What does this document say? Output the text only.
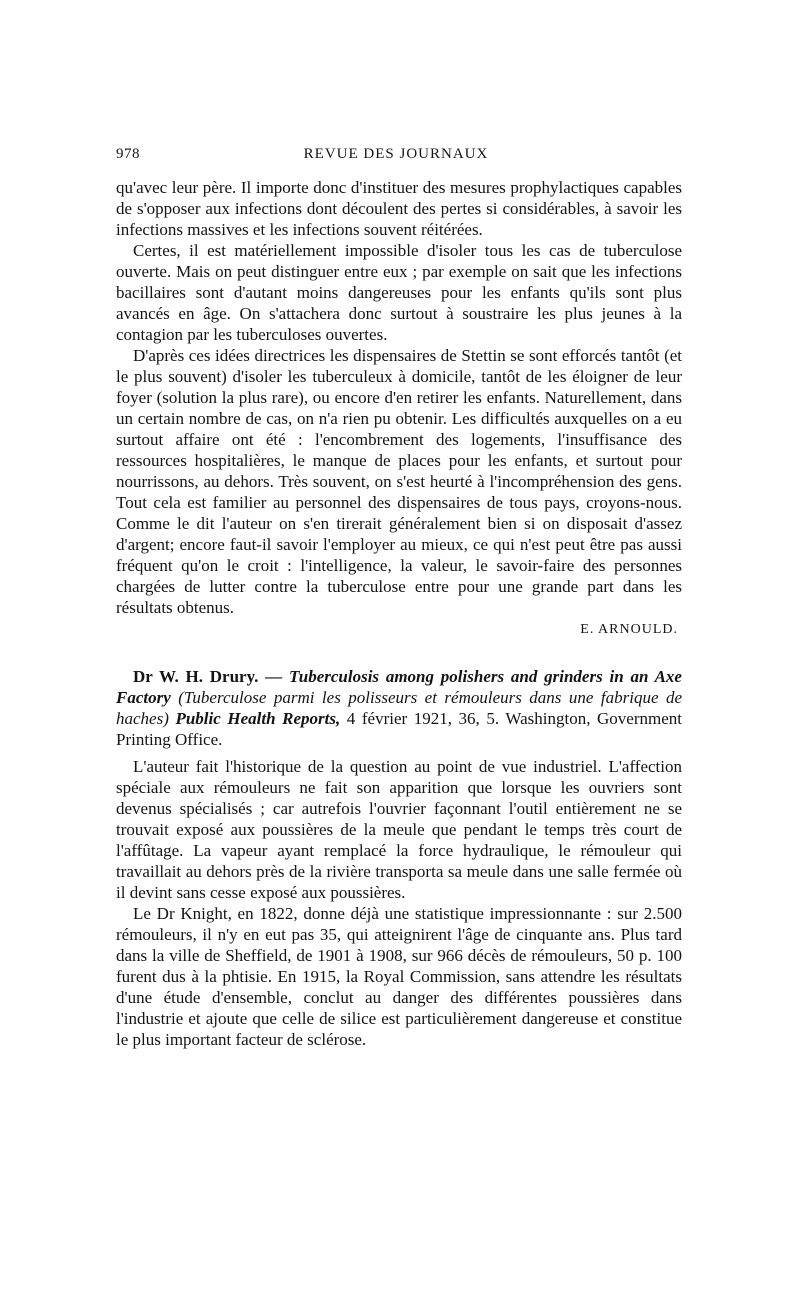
978	REVUE DES JOURNAUX

qu'avec leur père. Il importe donc d'instituer des mesures prophylactiques capables de s'opposer aux infections dont découlent des pertes si considérables, à savoir les infections massives et les infections souvent réitérées.

Certes, il est matériellement impossible d'isoler tous les cas de tuberculose ouverte. Mais on peut distinguer entre eux ; par exemple on sait que les infections bacillaires sont d'autant moins dangereuses pour les enfants qu'ils sont plus avancés en âge. On s'attachera donc surtout à soustraire les plus jeunes à la contagion par les tuberculoses ouvertes.

D'après ces idées directrices les dispensaires de Stettin se sont efforcés tantôt (et le plus souvent) d'isoler les tuberculeux à domicile, tantôt de les éloigner de leur foyer (solution la plus rare), ou encore d'en retirer les enfants. Naturellement, dans un certain nombre de cas, on n'a rien pu obtenir. Les difficultés auxquelles on a eu surtout affaire ont été : l'encombrement des logements, l'insuffisance des ressources hospitalières, le manque de places pour les enfants, et surtout pour nourrissons, au dehors. Très souvent, on s'est heurté à l'incompréhension des gens. Tout cela est familier au personnel des dispensaires de tous pays, croyons-nous. Comme le dit l'auteur on s'en tirerait généralement bien si on disposait d'assez d'argent; encore faut-il savoir l'employer au mieux, ce qui n'est peut être pas aussi fréquent qu'on le croit : l'intelligence, la valeur, le savoir-faire des personnes chargées de lutter contre la tuberculose entre pour une grande part dans les résultats obtenus.

E. ARNOULD.

Dr W. H. Drury. — Tuberculosis among polishers and grinders in an Axe Factory (Tuberculose parmi les polisseurs et rémouleurs dans une fabrique de haches) Public Health Reports, 4 février 1921, 36, 5. Washington, Government Printing Office.

L'auteur fait l'historique de la question au point de vue industriel. L'affection spéciale aux rémouleurs ne fait son apparition que lorsque les ouvriers sont devenus spécialisés ; car autrefois l'ouvrier façonnant l'outil entièrement ne se trouvait exposé aux poussières de la meule que pendant le temps très court de l'affûtage. La vapeur ayant remplacé la force hydraulique, le rémouleur qui travaillait au dehors près de la rivière transporta sa meule dans une salle fermée où il devint sans cesse exposé aux poussières.

Le Dr Knight, en 1822, donne déjà une statistique impressionnante : sur 2.500 rémouleurs, il n'y en eut pas 35, qui atteignirent l'âge de cinquante ans. Plus tard dans la ville de Sheffield, de 1901 à 1908, sur 966 décès de rémouleurs, 50 p. 100 furent dus à la phtisie. En 1915, la Royal Commission, sans attendre les résultats d'une étude d'ensemble, conclut au danger des différentes poussières dans l'industrie et ajoute que celle de silice est particulièrement dangereuse et constitue le plus important facteur de sclérose.
